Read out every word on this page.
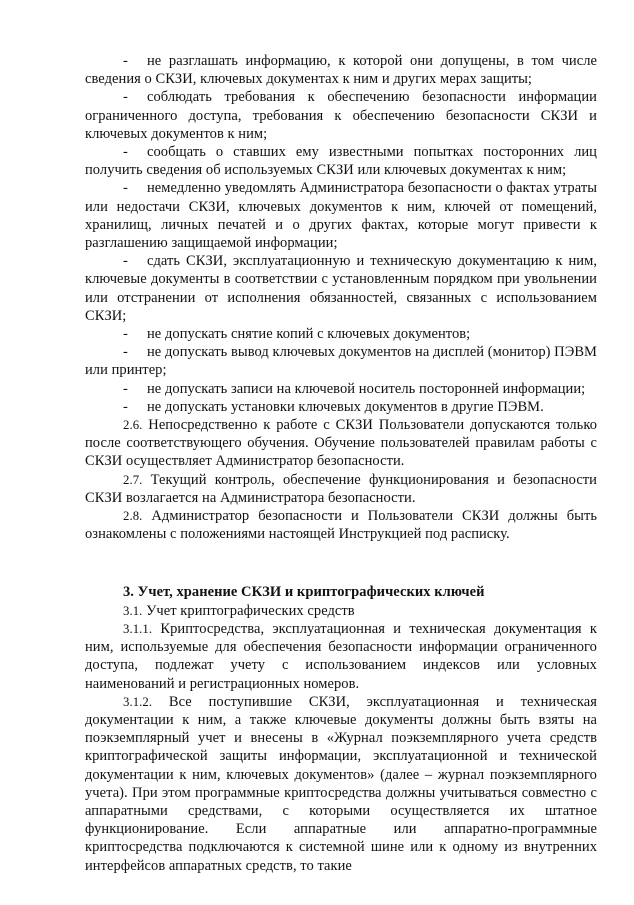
- не разглашать информацию, к которой они допущены, в том числе сведения о СКЗИ, ключевых документах к ним и других мерах защиты;

- соблюдать требования к обеспечению безопасности информации ограниченного доступа, требования к обеспечению безопасности СКЗИ и ключевых документов к ним;

- сообщать о ставших ему известными попытках посторонних лиц получить сведения об используемых СКЗИ или ключевых документах к ним;

- немедленно уведомлять Администратора безопасности о фактах утраты или недостачи СКЗИ, ключевых документов к ним, ключей от помещений, хранилищ, личных печатей и о других фактах, которые могут привести к разглашению защищаемой информации;

- сдать СКЗИ, эксплуатационную и техническую документацию к ним, ключевые документы в соответствии с установленным порядком при увольнении или отстранении от исполнения обязанностей, связанных с использованием СКЗИ;

- не допускать снятие копий с ключевых документов;

- не допускать вывод ключевых документов на дисплей (монитор) ПЭВМ или принтер;

- не допускать записи на ключевой носитель посторонней информации;

- не допускать установки ключевых документов в другие ПЭВМ.

2.6. Непосредственно к работе с СКЗИ Пользователи допускаются только после соответствующего обучения. Обучение пользователей правилам работы с СКЗИ осуществляет Администратор безопасности.

2.7. Текущий контроль, обеспечение функционирования и безопасности СКЗИ возлагается на Администратора безопасности.

2.8. Администратор безопасности и Пользователи СКЗИ должны быть ознакомлены с положениями настоящей Инструкцией под расписку.

3. Учет, хранение СКЗИ и криптографических ключей

3.1. Учет криптографических средств

3.1.1. Криптосредства, эксплуатационная и техническая документация к ним, используемые для обеспечения безопасности информации ограниченного доступа, подлежат учету с использованием индексов или условных наименований и регистрационных номеров.

3.1.2. Все поступившие СКЗИ, эксплуатационная и техническая документации к ним, а также ключевые документы должны быть взяты на поэкземплярный учет и внесены в «Журнал поэкземплярного учета средств криптографической защиты информации, эксплуатационной и технической документации к ним, ключевых документов» (далее – журнал поэкземплярного учета). При этом программные криптосредства должны учитываться совместно с аппаратными средствами, с которыми осуществляется их штатное функционирование. Если аппаратные или аппаратно-программные криптосредства подключаются к системной шине или к одному из внутренних интерфейсов аппаратных средств, то такие
